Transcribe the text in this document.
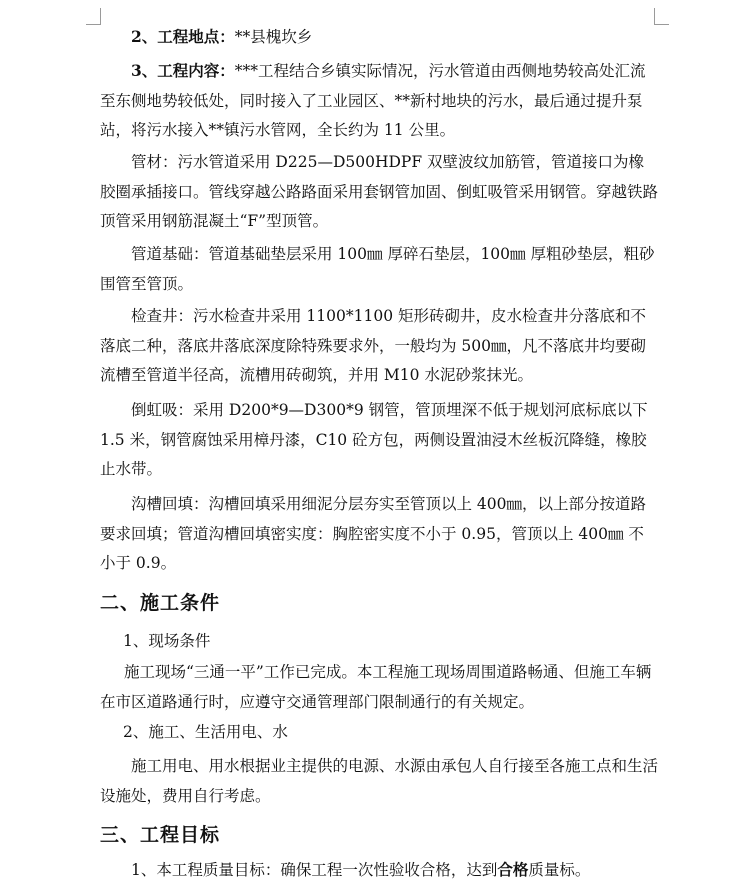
2、工程地点：**县槐坎乡

3、工程内容：***工程结合乡镇实际情况，污水管道由西侧地势较高处汇流至东侧地势较低处，同时接入了工业园区、**新村地块的污水，最后通过提升泵站，将污水接入**镇污水管网，全长约为 11 公里。

管材：污水管道采用 D225—D500HDPF 双壁波纹加筋管，管道接口为橡胶圈承插接口。管线穿越公路路面采用套钢管加固、倒虹吸管采用钢管。穿越铁路顶管采用钢筋混凝土“F”型顶管。

管道基础：管道基础垫层采用 100㎜ 厚碎石垫层，100㎜ 厚粗砂垫层，粗砂围管至管顶。

检查井：污水检查井采用 1100*1100 矩形砖砌井，皮水检查井分落底和不落底二种，落底井落底深度除特殊要求外，一般均为 500㎜，凡不落底井均要砌流槽至管道半径高，流槽用砖砌筑，并用 M10 水泥砂浆抹光。

倒虹吸：采用 D200*9—D300*9 钢管，管顶埋深不低于规划河底标底以下 1.5 米，钢管腐蚀采用樟丹漆，C10 砼方包，两侧设置油浸木丝板沉降缝，橡胶止水带。

沟槽回填：沟槽回填采用细泥分层夯实至管顶以上 400㎜，以上部分按道路要求回填；管道沟槽回填密实度：胸腔密实度不小于 0.95，管顶以上 400㎜ 不小于 0.9。

二、施工条件

1、现场条件

施工现场“三通一平”工作已完成。本工程施工现场周围道路畅通、但施工车辆在市区道路通行时，应遵守交通管理部门限制通行的有关规定。

2、施工、生活用电、水

施工用电、用水根据业主提供的电源、水源由承包人自行接至各施工点和生活设施处，费用自行考虑。

三、工程目标

1、本工程质量目标：确保工程一次性验收合格，达到合格质量标。
